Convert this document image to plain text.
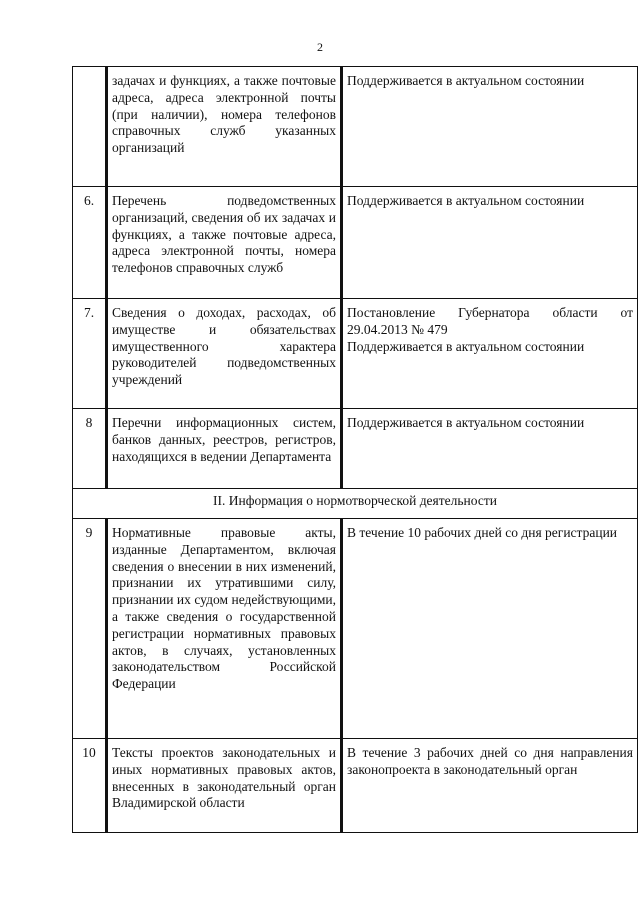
2
	задачах и функциях, а также почтовые адреса, адреса электронной почты (при наличии), номера телефонов справочных служб указанных организаций	Поддерживается в актуальном состоянии
6.	Перечень подведомственных организаций, сведения об их задачах и функциях, а также почтовые адреса, адреса электронной почты, номера телефонов справочных служб	Поддерживается в актуальном состоянии
7.	Сведения о доходах, расходах, об имуществе и обязательствах имущественного характера руководителей подведомственных учреждений	Постановление Губернатора области от 29.04.2013 № 479
Поддерживается в актуальном состоянии

8	Перечни информационных систем, банков данных, реестров, регистров, находящихся в ведении Департамента	Поддерживается в актуальном состоянии
II. Информация о нормотворческой деятельности		
9	Нормативные правовые акты, изданные Департаментом, включая сведения о внесении в них изменений, признании их утратившими силу, признании их судом недействующими, а также сведения о государственной регистрации нормативных правовых актов, в случаях, установленных законодательством Российской Федерации	В течение 10 рабочих дней со дня регистрации
10	Тексты проектов законодательных и иных нормативных правовых актов, внесенных в законодательный орган Владимирской области	В течение 3 рабочих дней со дня направления законопроекта в законодательный орган
